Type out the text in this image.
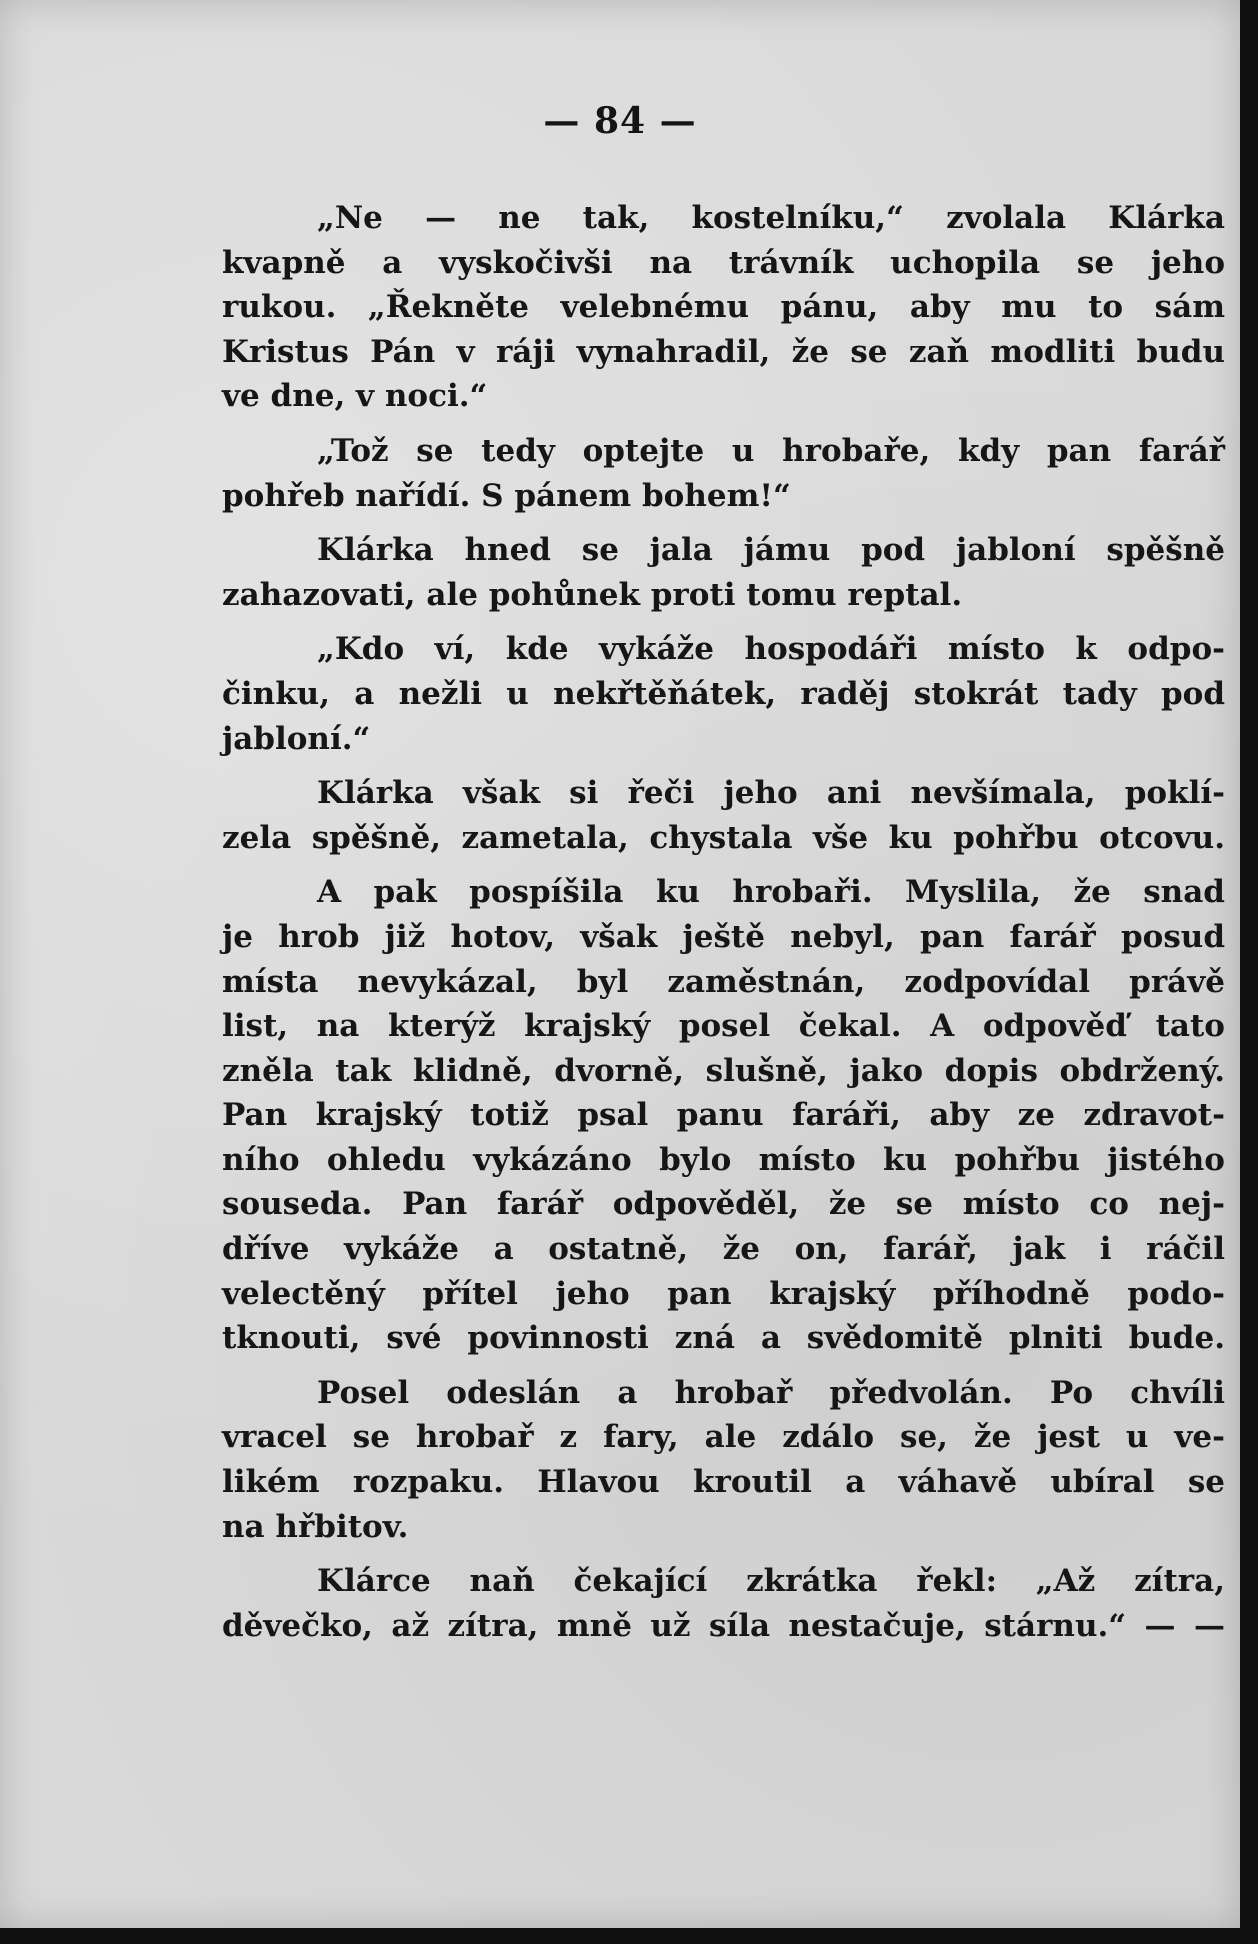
— 84 —
„Ne — ne tak, kostelníku,“ zvolala Klárka
kvapně a vyskočivši na trávník uchopila se jeho
rukou. „Řekněte velebnému pánu, aby mu to sám
Kristus Pán v ráji vynahradil, že se zaň modliti budu
ve dne, v noci.“
„Tož se tedy optejte u hrobaře, kdy pan farář
pohřeb nařídí. S pánem bohem!“
Klárka hned se jala jámu pod jabloní spěšně
zahazovati, ale pohůnek proti tomu reptal.
„Kdo ví, kde vykáže hospodáři místo k odpo-
činku, a nežli u nekřtěňátek, raděj stokrát tady pod
jabloní.“
Klárka však si řeči jeho ani nevšímala, poklí-
zela spěšně, zametala, chystala vše ku pohřbu otcovu.
A pak pospíšila ku hrobaři. Myslila, že snad
je hrob již hotov, však ještě nebyl, pan farář posud
místa nevykázal, byl zaměstnán, zodpovídal právě
list, na kterýž krajský posel čekal. A odpověď tato
zněla tak klidně, dvorně, slušně, jako dopis obdržený.
Pan krajský totiž psal panu faráři, aby ze zdravot-
ního ohledu vykázáno bylo místo ku pohřbu jistého
souseda. Pan farář odpověděl, že se místo co nej-
dříve vykáže a ostatně, že on, farář, jak i ráčil
velectěný přítel jeho pan krajský příhodně podo-
tknouti, své povinnosti zná a svědomitě plniti bude.
Posel odeslán a hrobař předvolán. Po chvíli
vracel se hrobař z fary, ale zdálo se, že jest u ve-
likém rozpaku. Hlavou kroutil a váhavě ubíral se
na hřbitov.
Klárce naň čekající zkrátka řekl: „Až zítra,
děvečko, až zítra, mně už síla nestačuje, stárnu.“ — —
